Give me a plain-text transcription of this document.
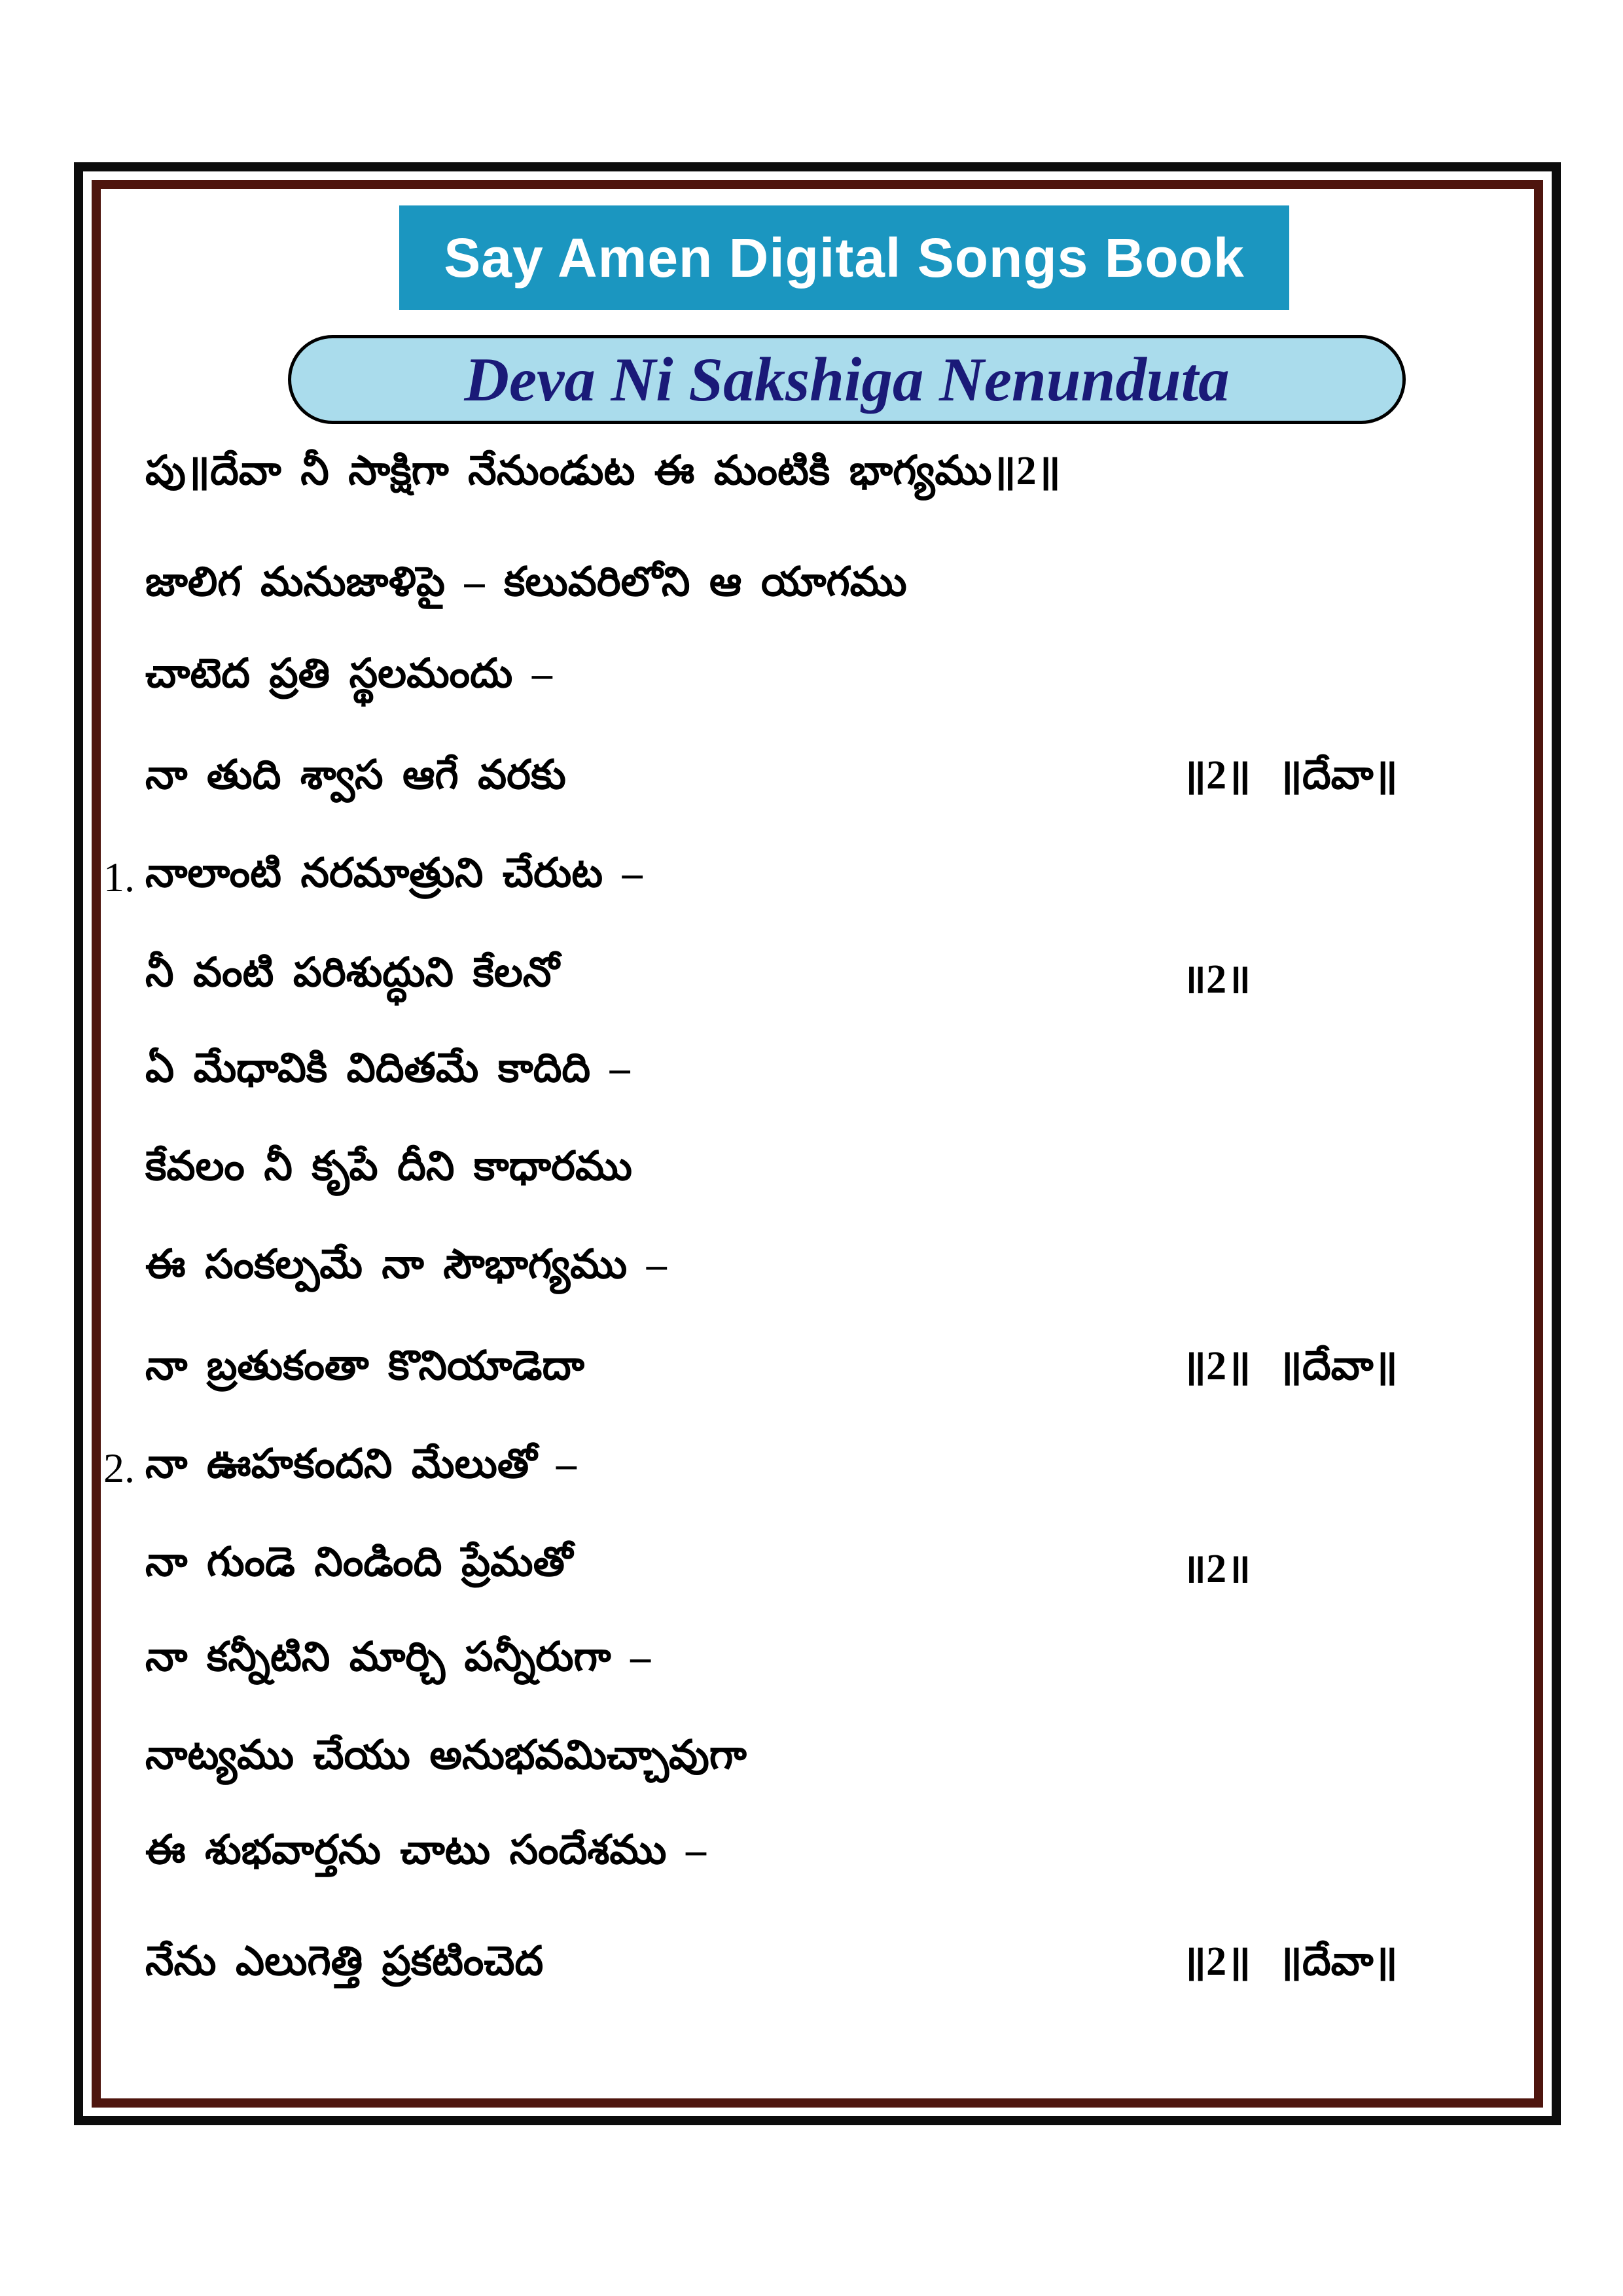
Say Amen Digital Songs Book
Deva Ni Sakshiga Nenunduta
పు॥దేవా నీ సాక్షిగా నేనుండుట ఈ మంటికి భాగ్యము॥2॥
జాలిగ మనుజాళిపై – కలువరిలోని ఆ యాగము
చాటెద ప్రతి స్థలమందు –
నా తుది శ్వాస ఆగే వరకు	॥2॥ ॥దేవా॥
1. నాలాంటి నరమాత్రుని చేరుట –
నీ వంటి పరిశుద్ధుని కేలనో	॥2॥
ఏ మేధావికి విదితమే కాదిది –
కేవలం నీ కృపే దీని కాధారము
ఈ సంకల్పమే నా సౌభాగ్యము –
నా బ్రతుకంతా కొనియాడెదా	॥2॥ ॥దేవా॥
2. నా ఊహకందని మేలుతో –
నా గుండె నిండింది ప్రేమతో	॥2॥
నా కన్నీటిని మార్చి పన్నీరుగా –
నాట్యము చేయు అనుభవమిచ్చావుగా
ఈ శుభవార్తను చాటు సందేశము –
నేను ఎలుగెత్తి ప్రకటించెద	॥2॥ ॥దేవా॥
